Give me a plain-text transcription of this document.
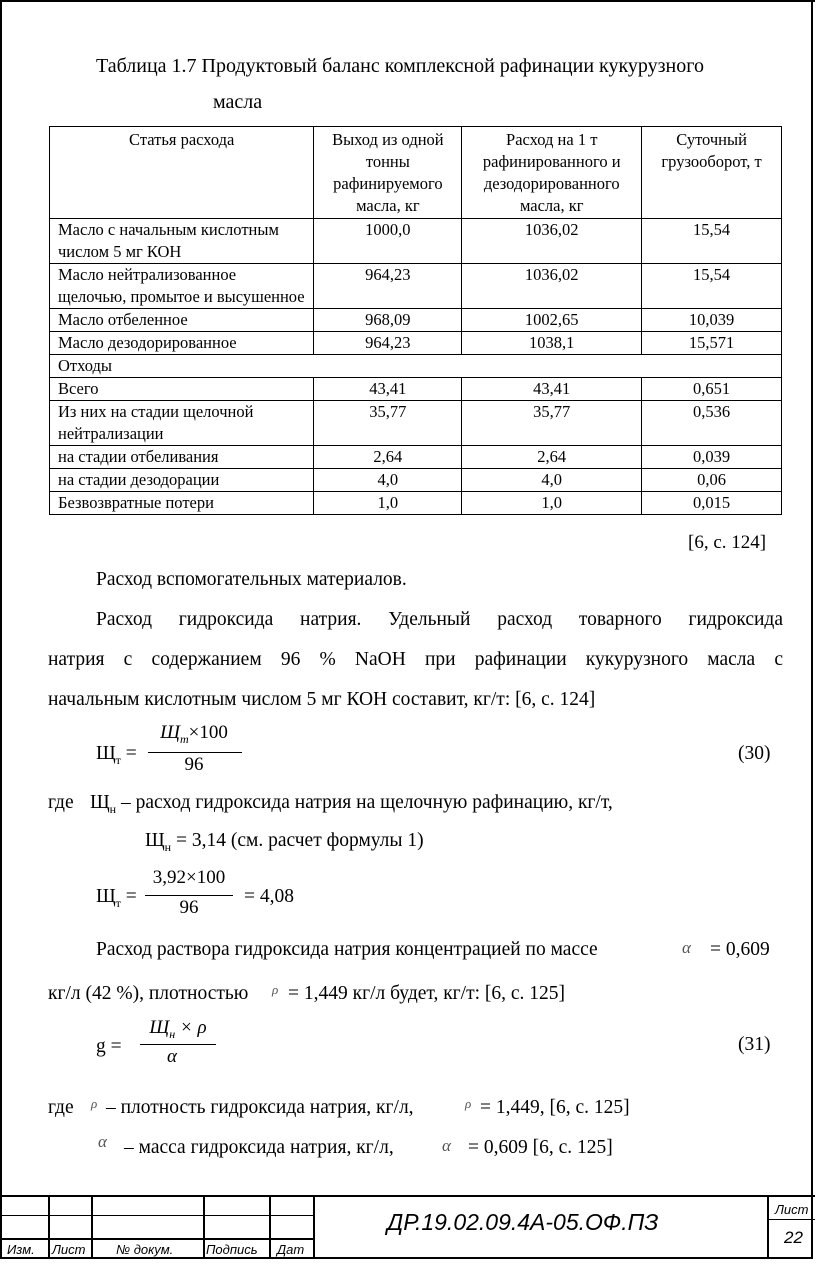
Таблица 1.7 Продуктовый баланс комплексной рафинации кукурузного
масла
Статья расхода	Выход из одной тонны рафинируемого масла, кг	Расход на 1 т рафинированного и дезодорированного масла, кг	Суточный грузооборот, т
Масло с начальным кислотным числом 5 мг КОН	1000,0	1036,02	15,54
Масло нейтрализованное щелочью, промытое и высушенное	964,23	1036,02	15,54
Масло отбеленное	968,09	1002,65	10,039
Масло дезодорированное	964,23	1038,1	15,571
Отходы			
Всего	43,41	43,41	0,651
Из них на стадии щелочной нейтрализации	35,77	35,77	0,536
на стадии отбеливания	2,64	2,64	0,039
на стадии дезодорации	4,0	4,0	0,06
Безвозвратные потери	1,0	1,0	0,015
[6, с. 124]
Расход вспомогательных материалов.
Расход гидроксида натрия. Удельный расход товарного гидроксида
натрия с содержанием 96 % NaOH при рафинации кукурузного масла с
начальным кислотным числом 5 мг КОН составит, кг/т: [6, с. 124]
$Щ_т$ =
$Щ_т\times 100$
96
(30)
где $Щ_н$ – расход гидроксида натрия на щелочную рафинацию, кг/т,
$Щ_н = 3,14$ (см. расчет формулы 1)
$Щ_т$ =
3,92×100
96
= 4,08
Расход раствора гидроксида натрия концентрацией по массе	α = 0,609
кг/л (42 %), плотностью ρ = 1,449 кг/л будет, кг/т: [6, с. 125]
g =
$Щ_н \times \rho$
α
(31)
где ρ – плотность гидроксида натрия, кг/л,	ρ = 1,449, [6, с. 125]
α – масса гидроксида натрия, кг/л,	α = 0,609 [6, с. 125]
Изм. Лист № докум.	Подпись Дат
ДР.19.02.09.4А-05.ОФ.ПЗ	Лист
22
